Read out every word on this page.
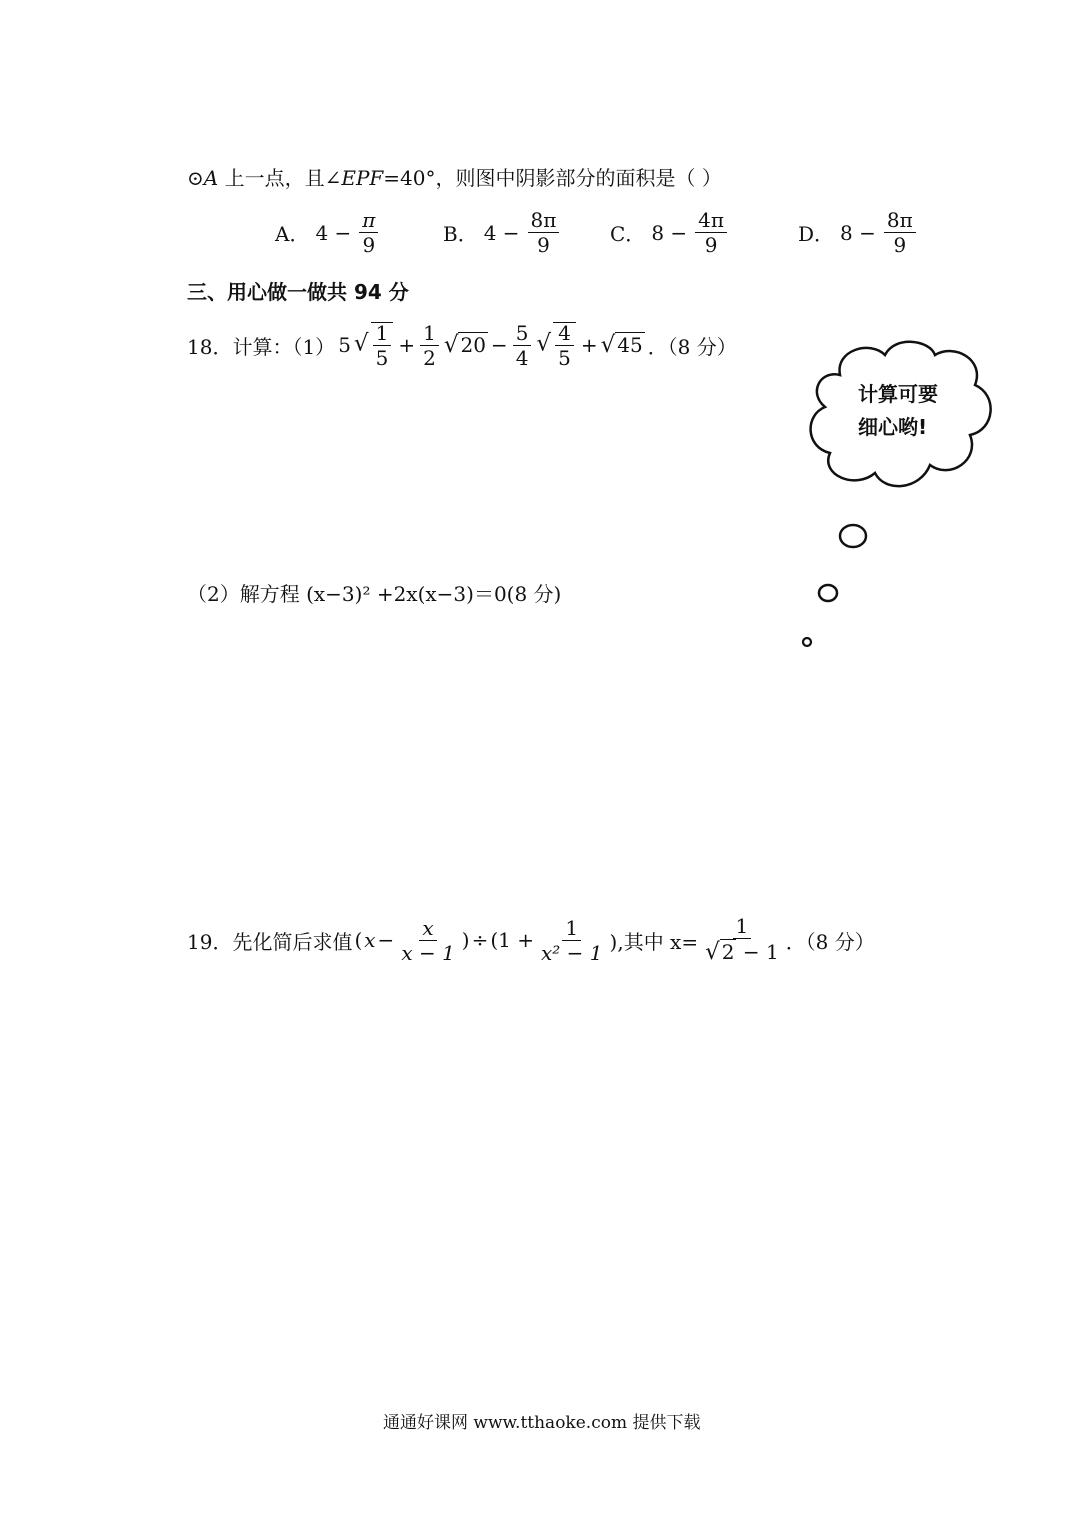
⊙A 上一点，且∠EPF=40°，则图中阴影部分的面积是（ ）
A． $4 - \frac{\pi}{9}$	B． $4 - \frac{8\pi}{9}$	C． $8 - \frac{4\pi}{9}$	D． $8 - \frac{8\pi}{9}$
三、用心做一做共 94 分
18．计算：（1） 5 √ $\frac{1}{5} + \frac{1}{2}$ √ $20 - \frac{5}{4}$ √ $\frac{4}{5}$ + √ 45 ．（8 分）
计算可要
细心哟!
（2）解方程 (x−3)² +2x(x−3)＝0(8 分)
19．先化简后求值 ( $x - \frac{x}{x - 1}$ ) ÷ ($1 + \frac{1}{\text{x² − 1}}$ ),其中 $x= \frac{1}{√ 2 - 1}$ ．（8 分）
通通好课网 www.tthaoke.com 提供下载
